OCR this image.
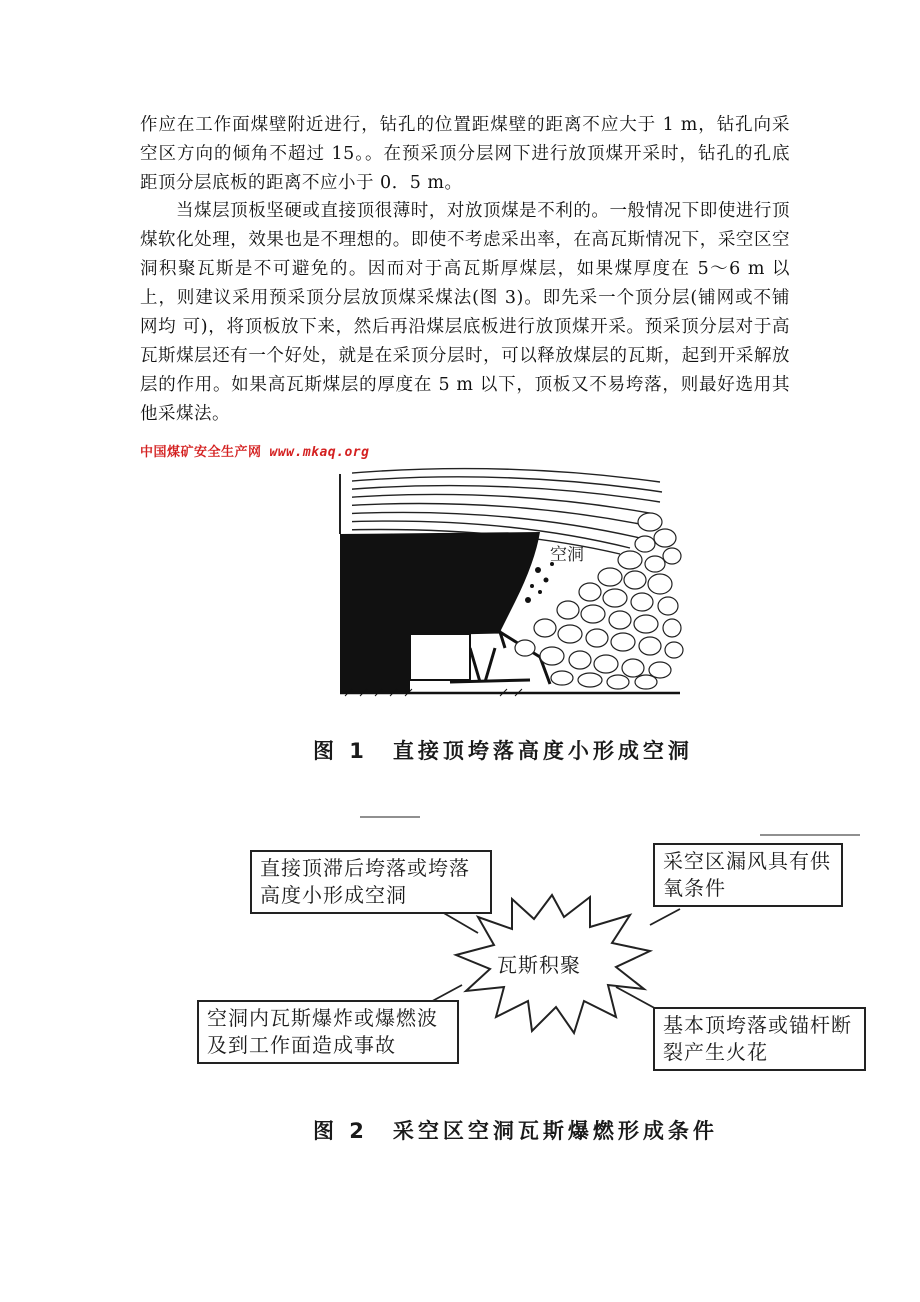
作应在工作面煤壁附近进行，钻孔的位置距煤壁的距离不应大于 1 m，钻孔向采空区方向的倾角不超过 15。。在预采顶分层网下进行放顶煤开采时，钻孔的孔底距顶分层底板的距离不应小于 0．5 m。

当煤层顶板坚硬或直接顶很薄时，对放顶煤是不利的。一般情况下即使进行顶煤软化处理，效果也是不理想的。即使不考虑采出率，在高瓦斯情况下，采空区空洞积聚瓦斯是不可避免的。因而对于高瓦斯厚煤层，如果煤厚度在 5～6 m 以上，则建议采用预采顶分层放顶煤采煤法(图 3)。即先采一个顶分层(铺网或不铺网均 可)，将顶板放下来，然后再沿煤层底板进行放顶煤开采。预采顶分层对于高瓦斯煤层还有一个好处，就是在采顶分层时，可以释放煤层的瓦斯，起到开采解放层的作用。如果高瓦斯煤层的厚度在 5 m 以下，顶板又不易垮落，则最好选用其他采煤法。

中国煤矿安全生产网 www.mkaq.org
空洞
图 1　直接顶垮落高度小形成空洞
直接顶滞后垮落或垮落高度小形成空洞
采空区漏风具有供氧条件
空洞内瓦斯爆炸或爆燃波及到工作面造成事故
基本顶垮落或锚杆断裂产生火花
瓦斯积聚
图 2　采空区空洞瓦斯爆燃形成条件
